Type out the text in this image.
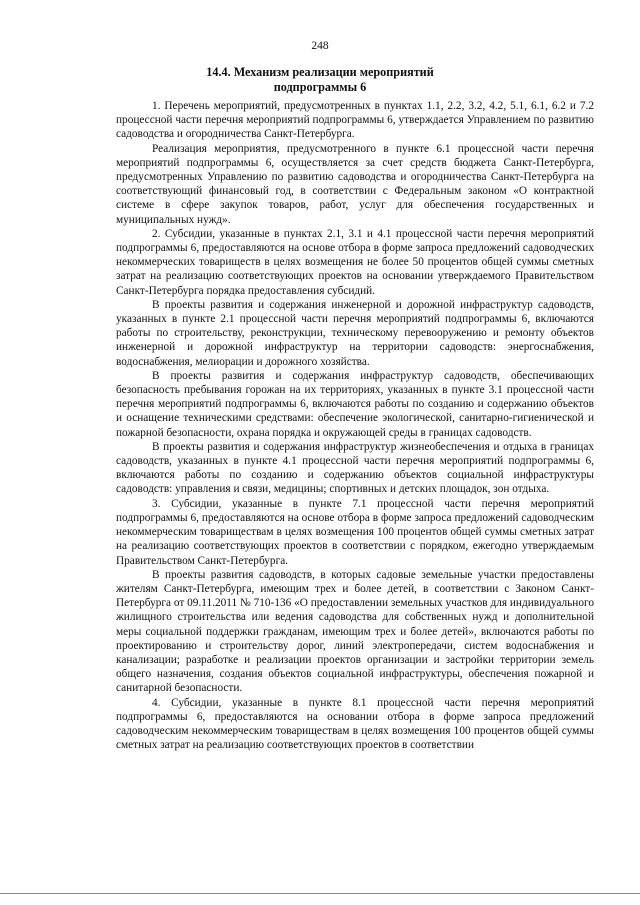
248
14.4. Механизм реализации мероприятий
подпрограммы 6

1. Перечень мероприятий, предусмотренных в пунктах 1.1, 2.2, 3.2, 4.2, 5.1, 6.1, 6.2 и 7.2 процессной части перечня мероприятий подпрограммы 6, утверждается Управлением по развитию садоводства и огородничества Санкт-Петербурга.

Реализация мероприятия, предусмотренного в пункте 6.1 процессной части перечня мероприятий подпрограммы 6, осуществляется за счет средств бюджета Санкт-Петербурга, предусмотренных Управлению по развитию садоводства и огородничества Санкт-Петербурга на соответствующий финансовый год, в соответствии с Федеральным законом «О контрактной системе в сфере закупок товаров, работ, услуг для обеспечения государственных и муниципальных нужд».

2. Субсидии, указанные в пунктах 2.1, 3.1 и 4.1 процессной части перечня мероприятий подпрограммы 6, предоставляются на основе отбора в форме запроса предложений садоводческих некоммерческих товариществ в целях возмещения не более 50 процентов общей суммы сметных затрат на реализацию соответствующих проектов на основании утверждаемого Правительством Санкт-Петербурга порядка предоставления субсидий.

В проекты развития и содержания инженерной и дорожной инфраструктур садоводств, указанных в пункте 2.1 процессной части перечня мероприятий подпрограммы 6, включаются работы по строительству, реконструкции, техническому перевооружению и ремонту объектов инженерной и дорожной инфраструктур на территории садоводств: энергоснабжения, водоснабжения, мелиорации и дорожного хозяйства.

В проекты развития и содержания инфраструктур садоводств, обеспечивающих безопасность пребывания горожан на их территориях, указанных в пункте 3.1 процессной части перечня мероприятий подпрограммы 6, включаются работы по созданию и содержанию объектов и оснащение техническими средствами: обеспечение экологической, санитарно-гигиенической и пожарной безопасности, охрана порядка и окружающей среды в границах садоводств.

В проекты развития и содержания инфраструктур жизнеобеспечения и отдыха в границах садоводств, указанных в пункте 4.1 процессной части перечня мероприятий подпрограммы 6, включаются работы по созданию и содержанию объектов социальной инфраструктуры садоводств: управления и связи, медицины; спортивных и детских площадок, зон отдыха.

3. Субсидии, указанные в пункте 7.1 процессной части перечня мероприятий подпрограммы 6, предоставляются на основе отбора в форме запроса предложений садоводческим некоммерческим товариществам в целях возмещения 100 процентов общей суммы сметных затрат на реализацию соответствующих проектов в соответствии с порядком, ежегодно утверждаемым Правительством Санкт-Петербурга.

В проекты развития садоводств, в которых садовые земельные участки предоставлены жителям Санкт-Петербурга, имеющим трех и более детей, в соответствии с Законом Санкт-Петербурга от 09.11.2011 № 710-136 «О предоставлении земельных участков для индивидуального жилищного строительства или ведения садоводства для собственных нужд и дополнительной меры социальной поддержки гражданам, имеющим трех и более детей», включаются работы по проектированию и строительству дорог, линий электропередачи, систем водоснабжения и канализации; разработке и реализации проектов организации и застройки территории земель общего назначения, создания объектов социальной инфраструктуры, обеспечения пожарной и санитарной безопасности.

4. Субсидии, указанные в пункте 8.1 процессной части перечня мероприятий подпрограммы 6, предоставляются на основании отбора в форме запроса предложений садоводческим некоммерческим товариществам в целях возмещения 100 процентов общей суммы сметных затрат на реализацию соответствующих проектов в соответствии
